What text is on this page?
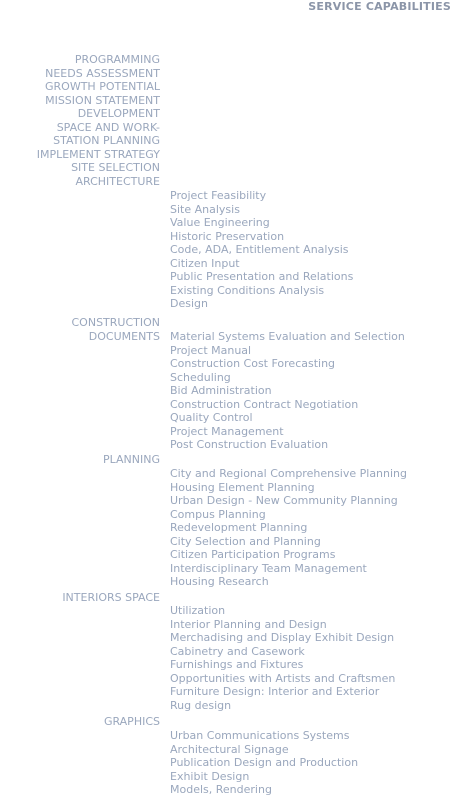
SERVICE CAPABILITIES
PROGRAMMING
NEEDS ASSESSMENT
GROWTH POTENTIAL
MISSION STATEMENT
DEVELOPMENT
SPACE AND WORK-
STATION PLANNING
IMPLEMENT STRATEGY
SITE SELECTION
ARCHITECTURE
Project Feasibility
Site Analysis
Value Engineering
Historic Preservation
Code, ADA, Entitlement Analysis
Citizen Input
Public Presentation and Relations
Existing Conditions Analysis
Design
CONSTRUCTION DOCUMENTS Material Systems Evaluation and Selection
Project Manual
Construction Cost Forecasting
Scheduling
Bid Administration
Construction Contract Negotiation
Quality Control
Project Management
Post Construction Evaluation
PLANNING
City and Regional Comprehensive Planning
Housing Element Planning
Urban Design - New Community Planning
Compus Planning
Redevelopment Planning
City Selection and Planning
Citizen Participation Programs
Interdisciplinary Team Management
Housing Research
INTERIORS SPACE
Utilization
Interior Planning and Design
Merchadising and Display Exhibit Design
Cabinetry and Casework
Furnishings and Fixtures
Opportunities with Artists and Craftsmen
Furniture Design: Interior and Exterior
Rug design
GRAPHICS
Urban Communications Systems
Architectural Signage
Publication Design and Production
Exhibit Design
Models, Rendering
